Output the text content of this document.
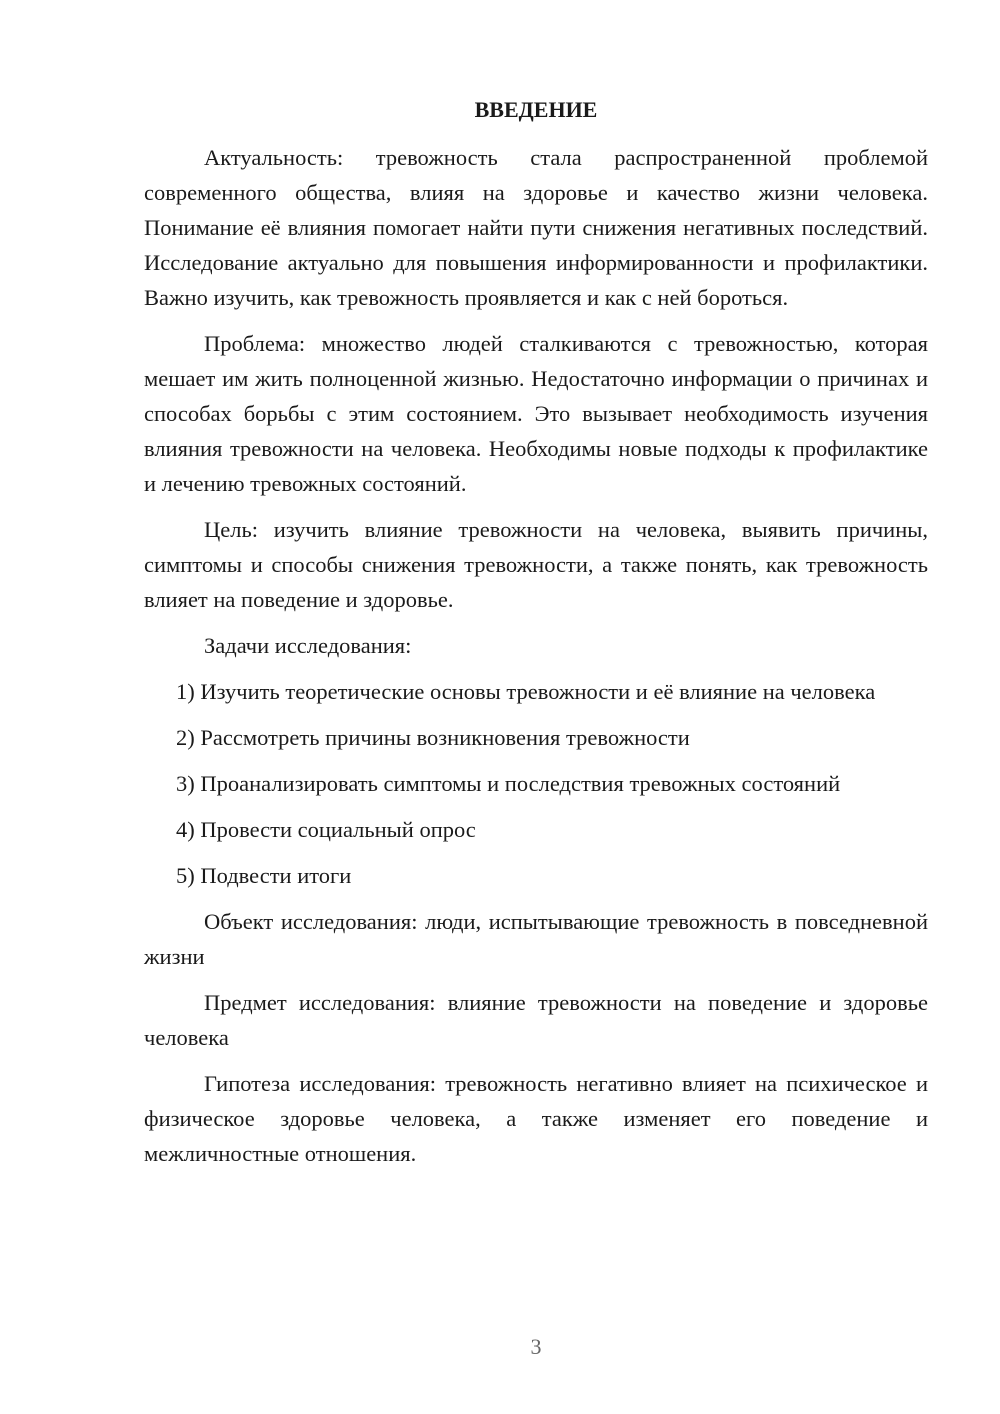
ВВЕДЕНИЕ

Актуальность: тревожность стала распространенной проблемой современного общества, влияя на здоровье и качество жизни человека. Понимание её влияния помогает найти пути снижения негативных последствий. Исследование актуально для повышения информированности и профилактики. Важно изучить, как тревожность проявляется и как с ней бороться.

Проблема: множество людей сталкиваются с тревожностью, которая мешает им жить полноценной жизнью. Недостаточно информации о причинах и способах борьбы с этим состоянием. Это вызывает необходимость изучения влияния тревожности на человека. Необходимы новые подходы к профилактике и лечению тревожных состояний.

Цель: изучить влияние тревожности на человека, выявить причины, симптомы и способы снижения тревожности, а также понять, как тревожность влияет на поведение и здоровье.

Задачи исследования:

1) Изучить теоретические основы тревожности и её влияние на человека

2) Рассмотреть причины возникновения тревожности

3) Проанализировать симптомы и последствия тревожных состояний

4) Провести социальный опрос

5) Подвести итоги

Объект исследования: люди, испытывающие тревожность в повседневной жизни

Предмет исследования: влияние тревожности на поведение и здоровье человека

Гипотеза исследования: тревожность негативно влияет на психическое и физическое здоровье человека, а также изменяет его поведение и межличностные отношения.

3
